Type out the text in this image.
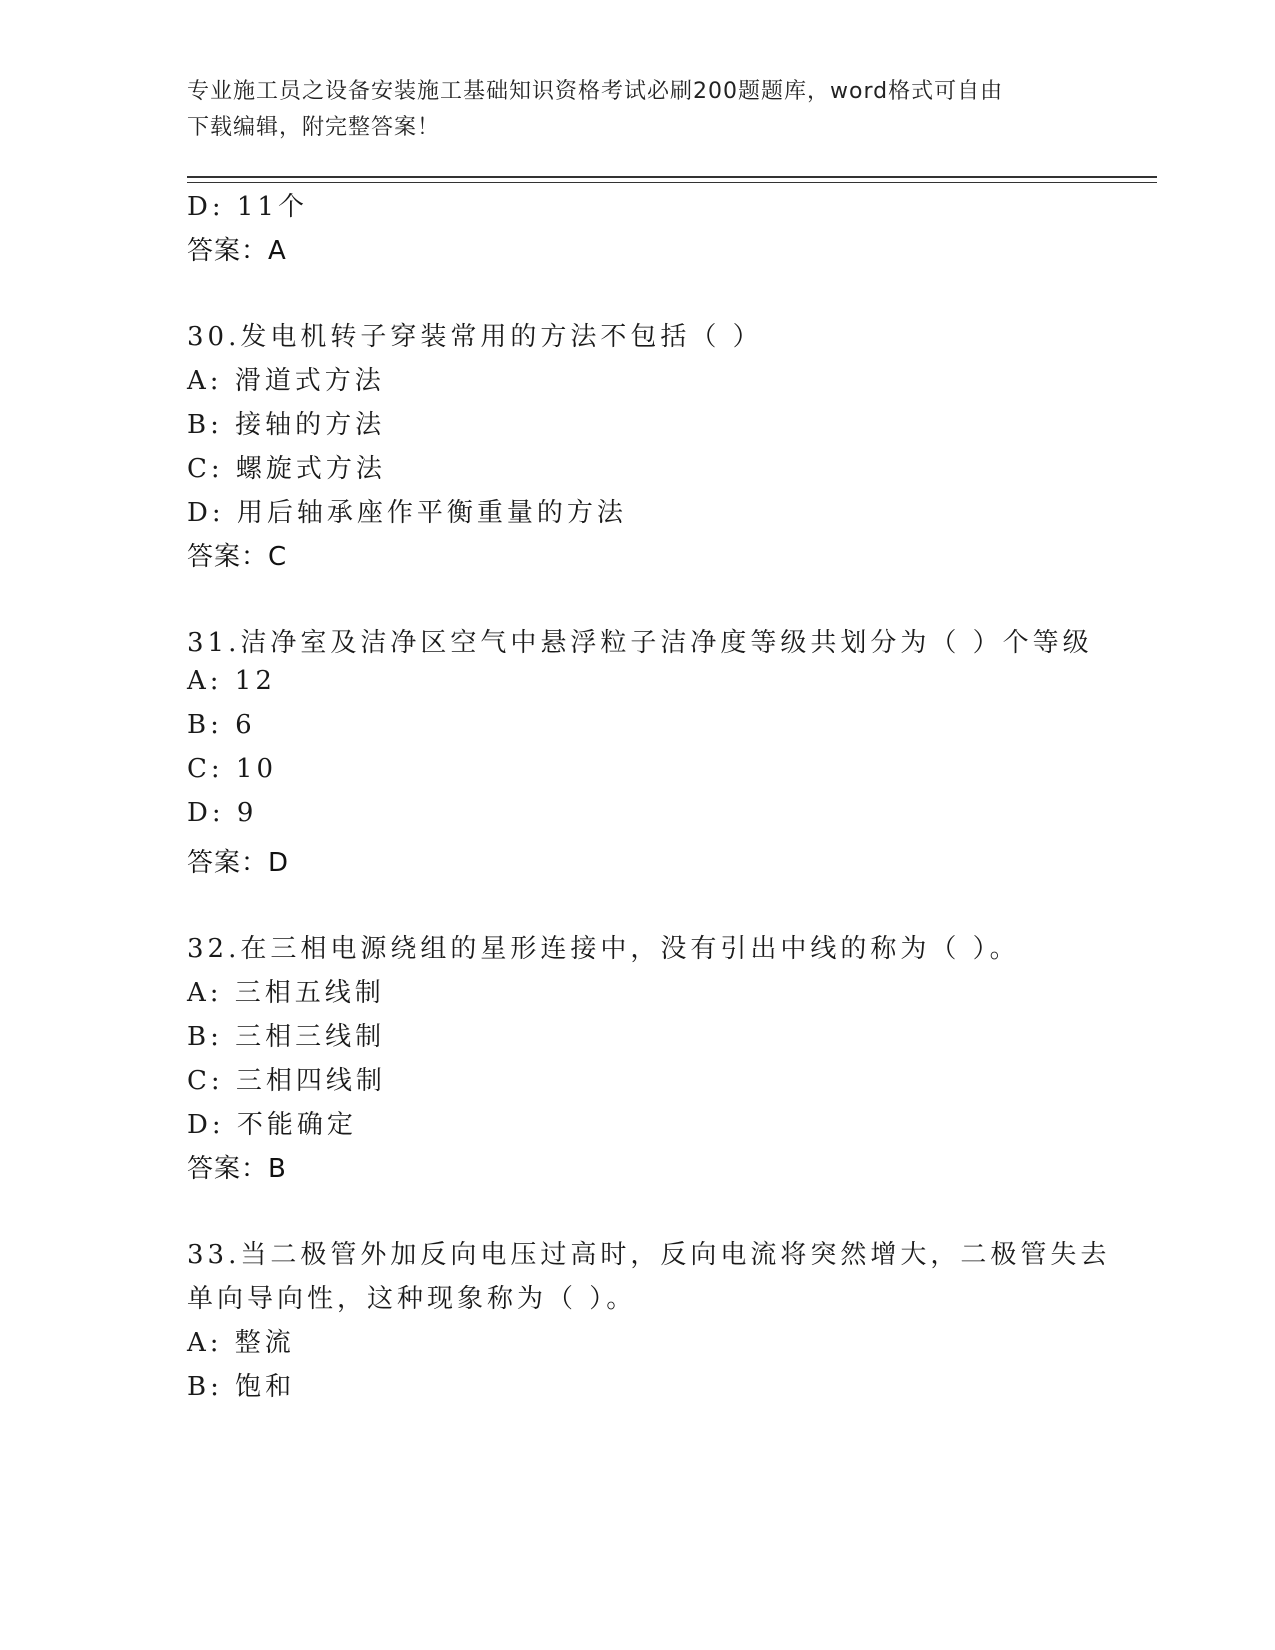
专业施工员之设备安装施工基础知识资格考试必刷200题题库，word格式可自由
下载编辑，附完整答案！
D: 11个
答案：A
30.发电机转子穿装常用的方法不包括（ ）
A: 滑道式方法
B: 接轴的方法
C: 螺旋式方法
D: 用后轴承座作平衡重量的方法
答案：C
31.洁净室及洁净区空气中悬浮粒子洁净度等级共划分为（ ）个等级
A: 12
B: 6
C: 10
D: 9
答案：D
32.在三相电源绕组的星形连接中，没有引出中线的称为（ ）。
A: 三相五线制
B: 三相三线制
C: 三相四线制
D: 不能确定
答案：B
33.当二极管外加反向电压过高时，反向电流将突然增大，二极管失去
单向导向性，这种现象称为（ ）。
A: 整流
B: 饱和
